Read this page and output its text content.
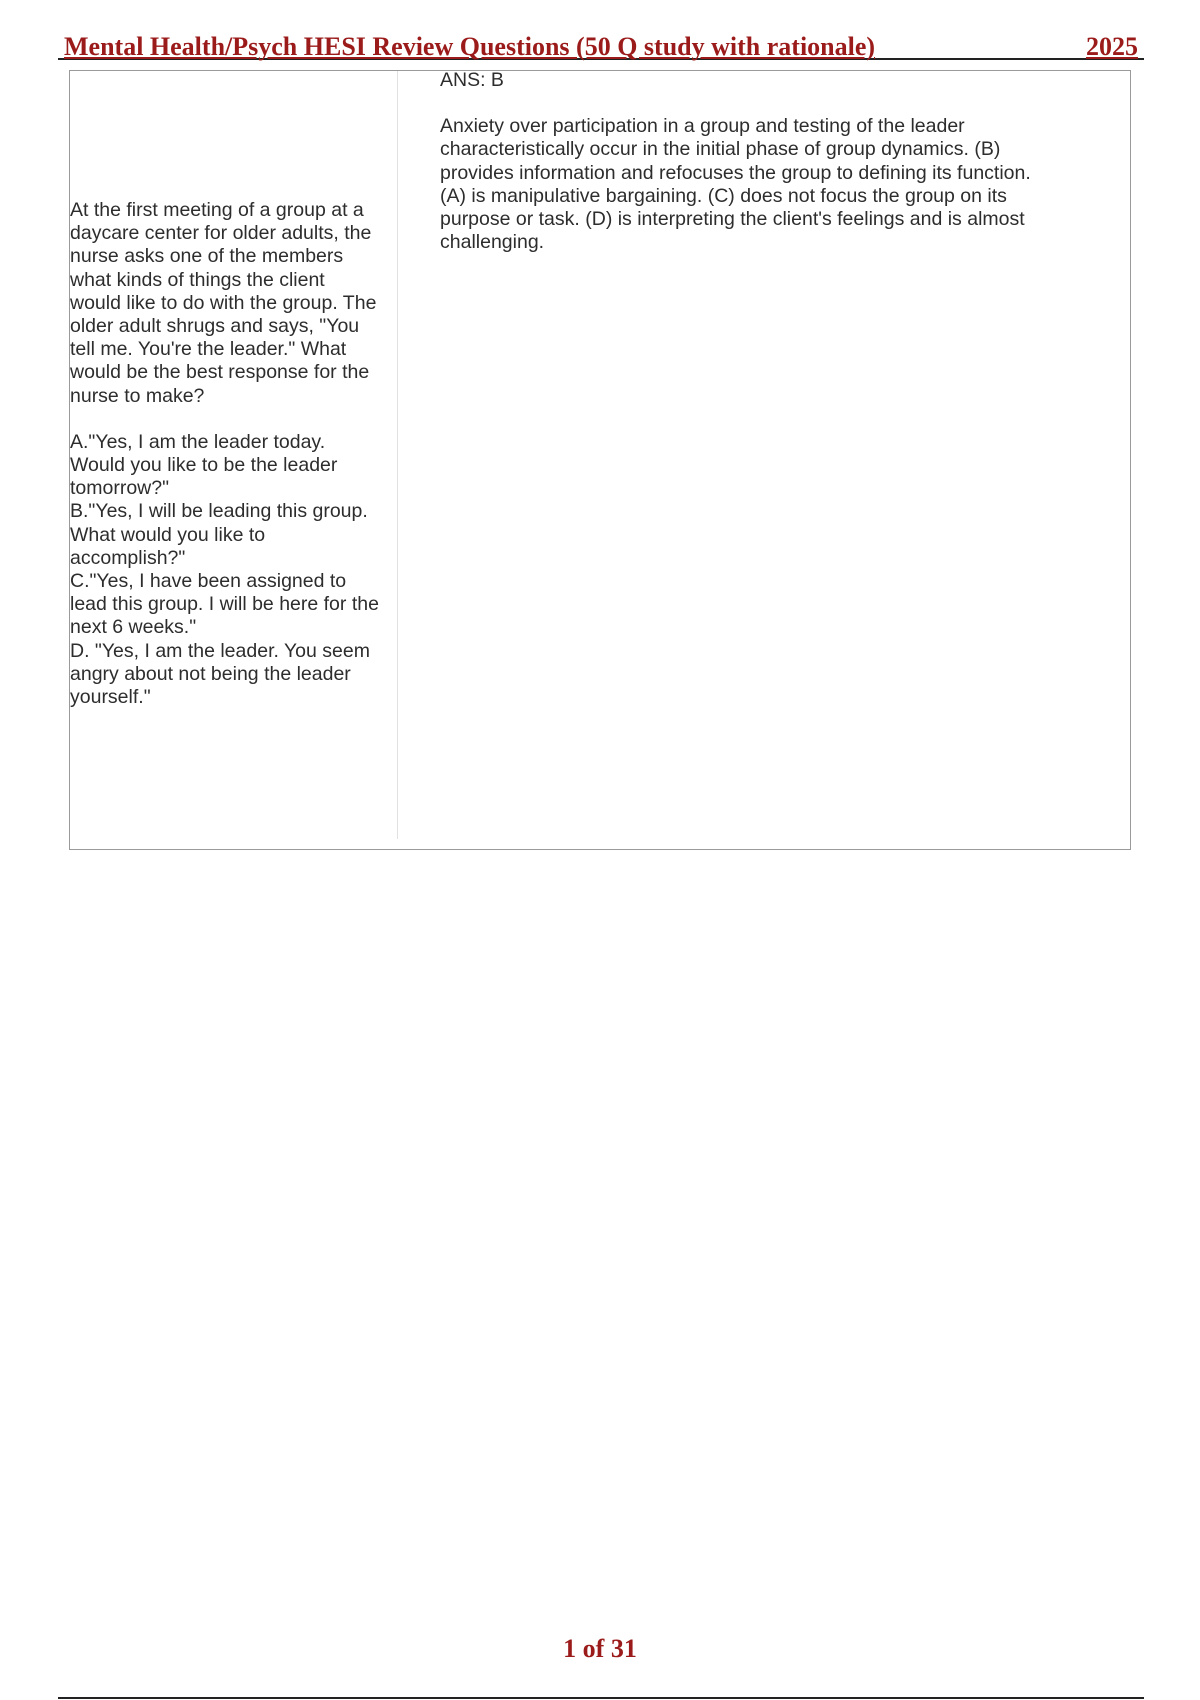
Mental Health/Psych HESI Review Questions (50 Q study with rationale)	2025

At the first meeting of a group at a daycare center for older adults, the nurse asks one of the members what kinds of things the client would like to do with the group. The older adult shrugs and says, "You tell me. You're the leader." What would be the best response for the nurse to make?

A."Yes, I am the leader today. Would you like to be the leader tomorrow?"

B."Yes, I will be leading this group. What would you like to accomplish?"

C."Yes, I have been assigned to lead this group. I will be here for the next 6 weeks."

D. "Yes, I am the leader. You seem angry about not being the leader yourself."

ANS: B

Anxiety over participation in a group and testing of the leader characteristically occur in the initial phase of group dynamics. (B) provides information and refocuses the group to defining its function. (A) is manipulative bargaining. (C) does not focus the group on its purpose or task. (D) is interpreting the client's feelings and is almost challenging.

1 of 31
